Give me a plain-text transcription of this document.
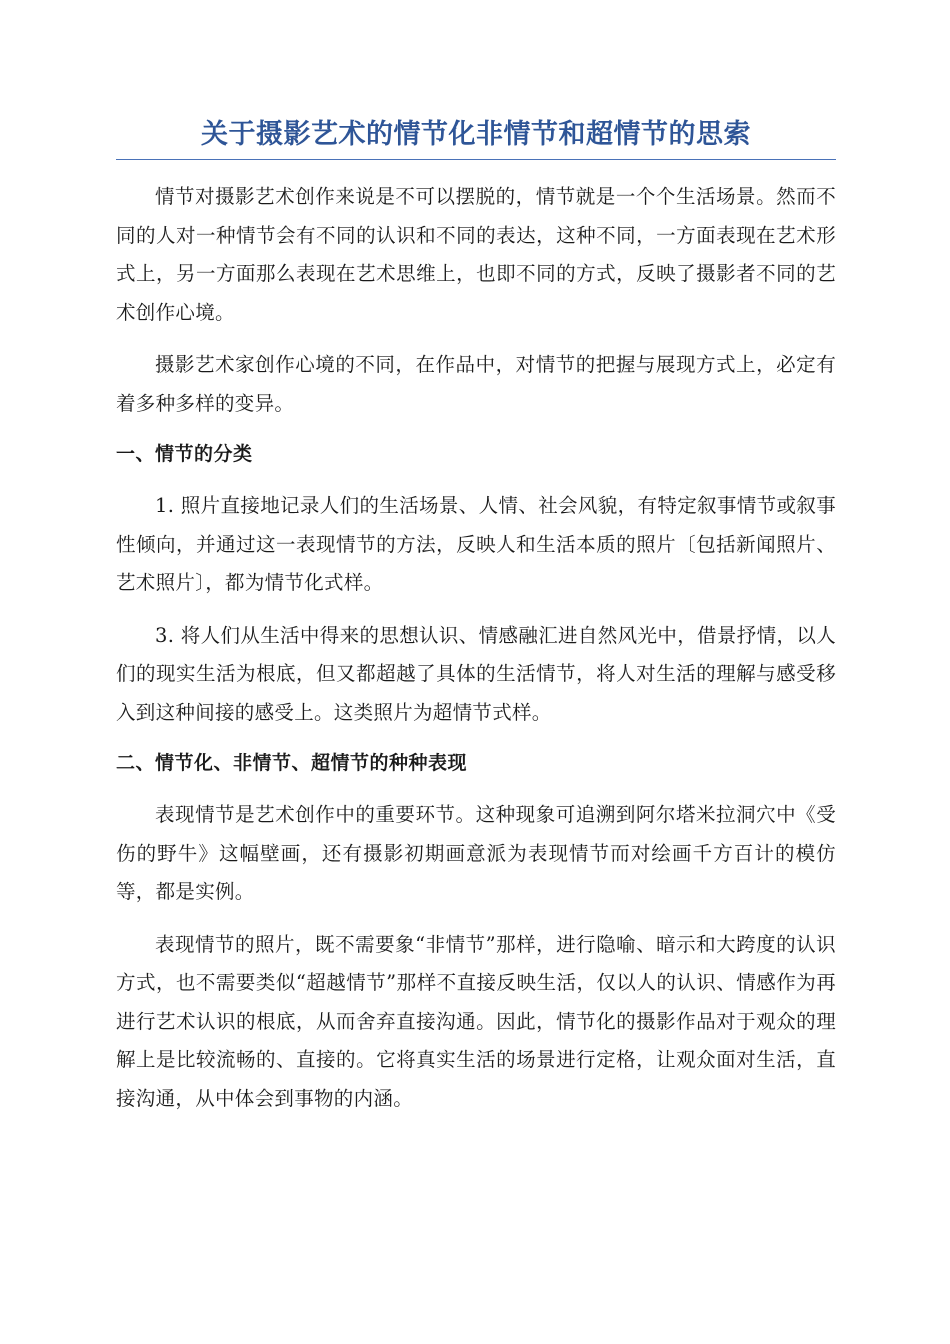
关于摄影艺术的情节化非情节和超情节的思索

情节对摄影艺术创作来说是不可以摆脱的，情节就是一个个生活场景。然而不同的人对一种情节会有不同的认识和不同的表达，这种不同，一方面表现在艺术形式上，另一方面那么表现在艺术思维上，也即不同的方式，反映了摄影者不同的艺术创作心境。

摄影艺术家创作心境的不同，在作品中，对情节的把握与展现方式上，必定有着多种多样的变异。

一、情节的分类

1. 照片直接地记录人们的生活场景、人情、社会风貌，有特定叙事情节或叙事性倾向，并通过这一表现情节的方法，反映人和生活本质的照片〔包括新闻照片、艺术照片〕，都为情节化式样。

3. 将人们从生活中得来的思想认识、情感融汇进自然风光中，借景抒情，以人们的现实生活为根底，但又都超越了具体的生活情节，将人对生活的理解与感受移入到这种间接的感受上。这类照片为超情节式样。

二、情节化、非情节、超情节的种种表现

表现情节是艺术创作中的重要环节。这种现象可追溯到阿尔塔米拉洞穴中《受伤的野牛》这幅壁画，还有摄影初期画意派为表现情节而对绘画千方百计的模仿等，都是实例。

表现情节的照片，既不需要象“非情节”那样，进行隐喻、暗示和大跨度的认识方式，也不需要类似“超越情节”那样不直接反映生活，仅以人的认识、情感作为再进行艺术认识的根底，从而舍弃直接沟通。因此，情节化的摄影作品对于观众的理解上是比较流畅的、直接的。它将真实生活的场景进行定格，让观众面对生活，直接沟通，从中体会到事物的内涵。
